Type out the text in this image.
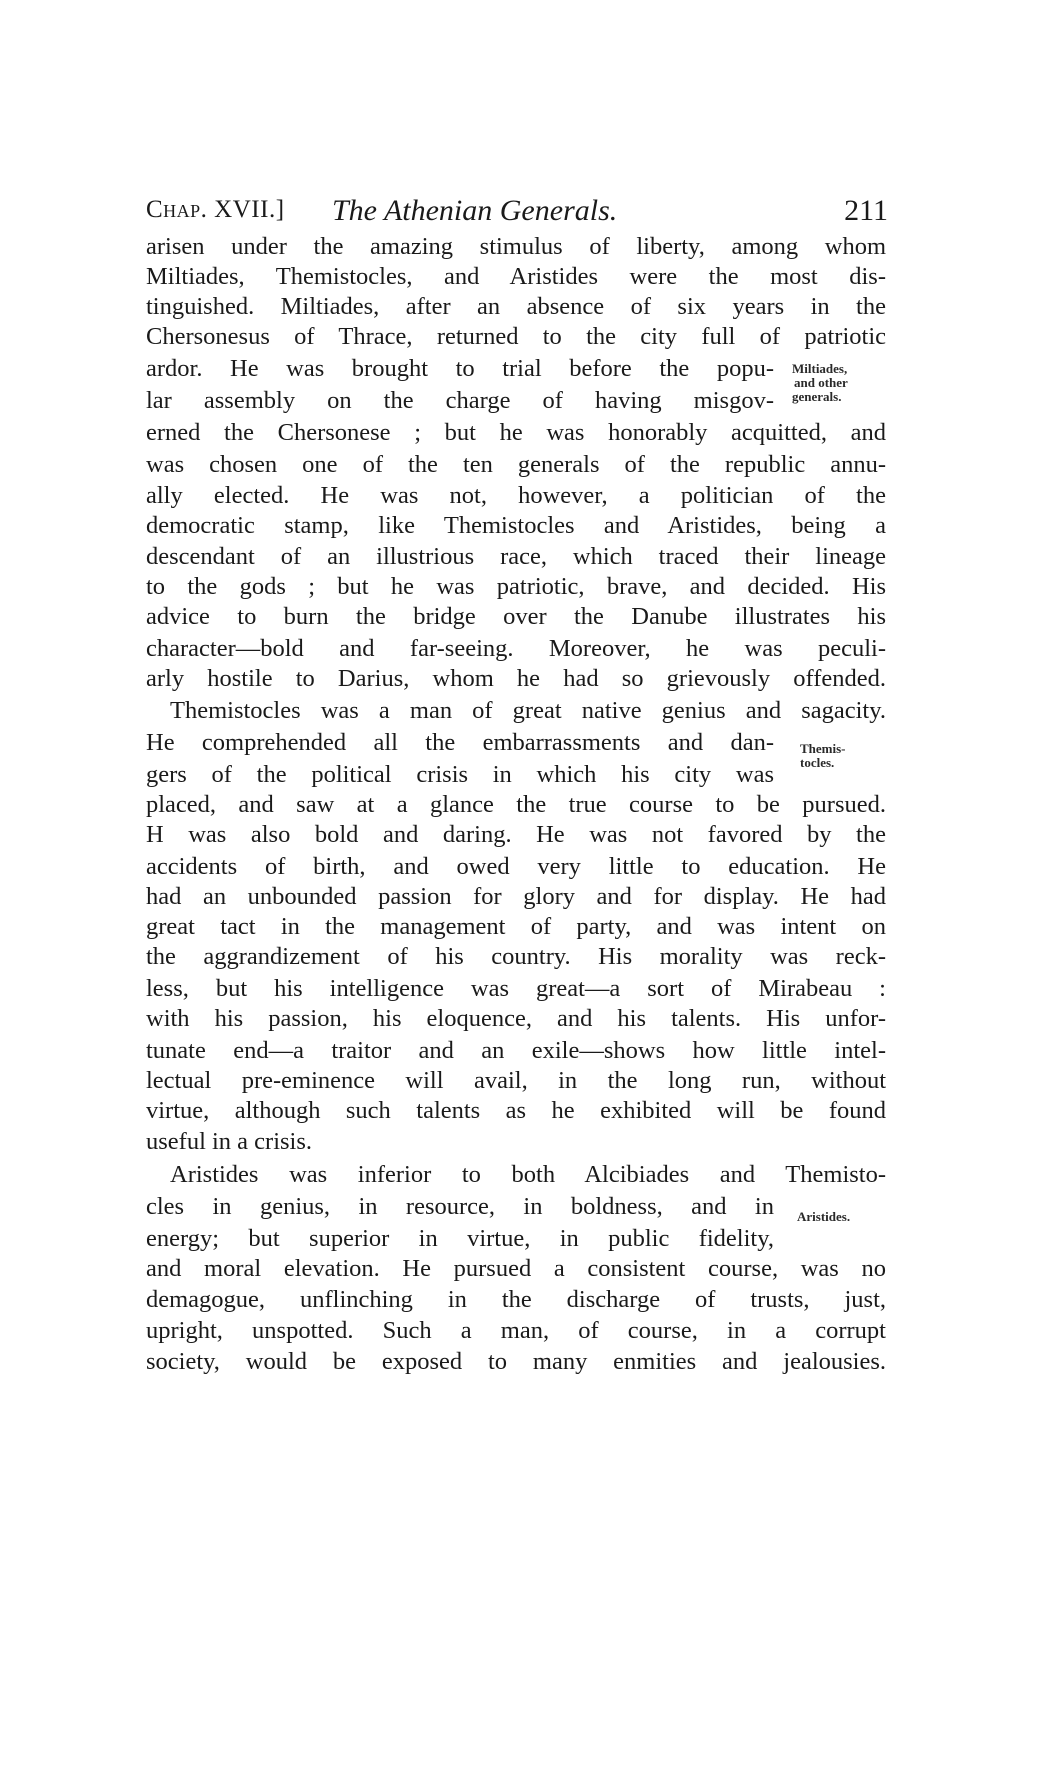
Chap. XVII.] The Athenian Generals.	211
arisen under the amazing stimulus of liberty, among whom
Miltiades, Themistocles, and Aristides were the most dis-
tinguished. Miltiades, after an absence of six years in the
Chersonesus of Thrace, returned to the city full of patriotic
ardor. He was brought to trial before the popu-
lar assembly on the charge of having misgov-
erned the Chersonese ; but he was honorably acquitted, and
was chosen one of the ten generals of the republic annu-
ally elected. He was not, however, a politician of the
democratic stamp, like Themistocles and Aristides, being a
descendant of an illustrious race, which traced their lineage
to the gods ; but he was patriotic, brave, and decided. His
advice to burn the bridge over the Danube illustrates his
character—bold and far-seeing. Moreover, he was peculi-
arly hostile to Darius, whom he had so grievously offended.
Themistocles was a man of great native genius and sagacity.
He comprehended all the embarrassments and dan-
gers of the political crisis in which his city was
placed, and saw at a glance the true course to be pursued.
H was also bold and daring. He was not favored by the
accidents of birth, and owed very little to education. He
had an unbounded passion for glory and for display. He had
great tact in the management of party, and was intent on
the aggrandizement of his country. His morality was reck-
less, but his intelligence was great—a sort of Mirabeau :
with his passion, his eloquence, and his talents. His unfor-
tunate end—a traitor and an exile—shows how little intel-
lectual pre-eminence will avail, in the long run, without
virtue, although such talents as he exhibited will be found
useful in a crisis.
Aristides was inferior to both Alcibiades and Themisto-
cles in genius, in resource, in boldness, and in
energy; but superior in virtue, in public fidelity,
and moral elevation. He pursued a consistent course, was no
demagogue, unflinching in the discharge of trusts, just,
upright, unspotted. Such a man, of course, in a corrupt
society, would be exposed to many enmities and jealousies.
Miltiades,
and other
generals.
Themis-
tocles.
Aristides.
